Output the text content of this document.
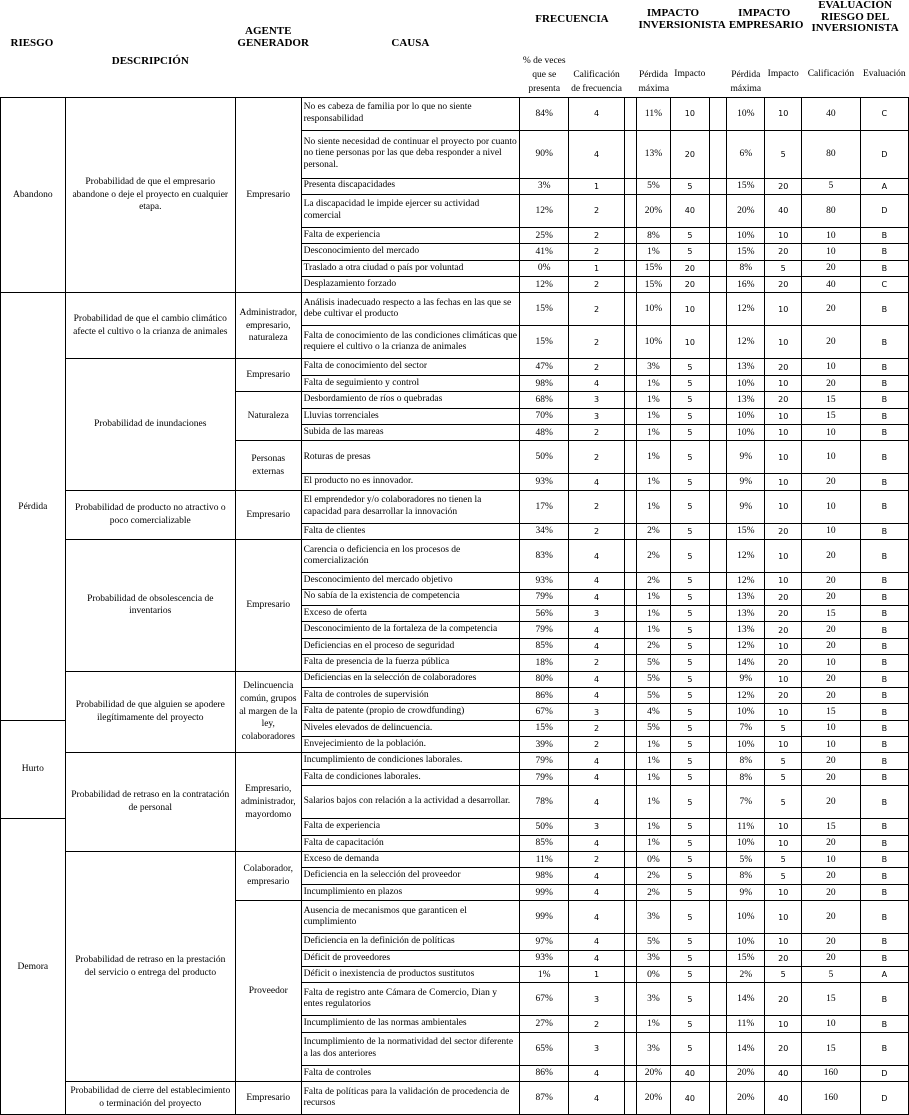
RIESGO	DESCRIPCIÓN	AGENTE GENERADOR	CAUSA	FRECUENCIA			IMPACTO INVERSIONISTA			IMPACTO EMPRESARIO		EVALUACIÓN RIESGO DEL INVERSIONISTA	
				% de veces que se presenta	Calificación de frecuencia		Pérdida máxima	Impacto		Pérdida máxima	Impacto	Calificación	Evaluación
Abandono	Probabilidad de que el empresario abandone o deje el proyecto en cualquier etapa.	Empresario	No es cabeza de familia por lo que no siente responsabilidad	84%	4		11%	10		10%	10	40	C
			No siente necesidad de continuar el proyecto por cuanto no tiene personas por las que deba responder a nivel personal.	90%	4		13%	20		6%	5	80	D
			Presenta discapacidades	3%	1		5%	5		15%	20	5	A
			La discapacidad le impide ejercer su actividad comercial	12%	2		20%	40		20%	40	80	D
			Falta de experiencia	25%	2		8%	5		10%	10	10	B
			Desconocimiento del mercado	41%	2		1%	5		15%	20	10	B
			Traslado a otra ciudad o país por voluntad	0%	1		15%	20		8%	5	20	B
			Desplazamiento forzado	12%	2		15%	20		16%	20	40	C
Pérdida	Probabilidad de que el cambio climático afecte el cultivo o la crianza de animales	Administrador, empresario, naturaleza	Análisis inadecuado respecto a las fechas en las que se debe cultivar el producto	15%	2		10%	10		12%	10	20	B
			Falta de conocimiento de las condiciones climáticas que requiere el cultivo o la crianza de animales	15%	2		10%	10		12%	10	20	B
	Probabilidad de inundaciones	Empresario	Falta de conocimiento del sector	47%	2		3%	5		13%	20	10	B
			Falta de seguimiento y control	98%	4		1%	5		10%	10	20	B
		Naturaleza	Desbordamiento de ríos o quebradas	68%	3		1%	5		13%	20	15	B
			Lluvias torrenciales	70%	3		1%	5		10%	10	15	B
			Subida de las mareas	48%	2		1%	5		10%	10	10	B
		Personas externas	Roturas de presas	50%	2		1%	5		9%	10	10	B
			El producto no es innovador.	93%	4		1%	5		9%	10	20	B
	Probabilidad de producto no atractivo o poco comercializable	Empresario	El emprendedor y/o colaboradores no tienen la capacidad para desarrollar la innovación	17%	2		1%	5		9%	10	10	B
			Falta de clientes	34%	2		2%	5		15%	20	10	B
	Probabilidad de obsolescencia de inventarios	Empresario	Carencia o deficiencia en los procesos de comercialización	83%	4		2%	5		12%	10	20	B
			Desconocimiento del mercado objetivo	93%	4		2%	5		12%	10	20	B
			No sabía de la existencia de competencia	79%	4		1%	5		13%	20	20	B
			Exceso de oferta	56%	3		1%	5		13%	20	15	B
			Desconocimiento de la fortaleza de la competencia	79%	4		1%	5		13%	20	20	B
			Deficiencias en el proceso de seguridad	85%	4		2%	5		12%	10	20	B
			Falta de presencia de la fuerza pública	18%	2		5%	5		14%	20	10	B
	Probabilidad de que alguien se apodere ilegítimamente del proyecto	Delincuencia común, grupos al margen de la ley, colaboradores	Deficiencias en la selección de colaboradores	80%	4		5%	5		9%	10	20	B
			Falta de controles de supervisión	86%	4		5%	5		12%	20	20	B
			Falta de patente (propio de crowdfunding)	67%	3		4%	5		10%	10	15	B
Hurto			Niveles elevados de delincuencia.	15%	2		5%	5		7%	5	10	B
			Envejecimiento de la población.	39%	2		1%	5		10%	10	10	B
	Probabilidad de retraso en la contratación de personal	Empresario, administrador, mayordomo	Incumplimiento de condiciones laborales.	79%	4		1%	5		8%	5	20	B
			Falta de condiciones laborales.	79%	4		1%	5		8%	5	20	B
			Salarios bajos con relación a la actividad a desarrollar.	78%	4		1%	5		7%	5	20	B
Demora			Falta de experiencia	50%	3		1%	5		11%	10	15	B
			Falta de capacitación	85%	4		1%	5		10%	10	20	B
	Probabilidad de retraso en la prestación del servicio o entrega del producto	Colaborador, empresario	Exceso de demanda	11%	2		0%	5		5%	5	10	B
			Deficiencia en la selección del proveedor	98%	4		2%	5		8%	5	20	B
			Incumplimiento en plazos	99%	4		2%	5		9%	10	20	B
		Proveedor	Ausencia de mecanismos que garanticen el cumplimiento	99%	4		3%	5		10%	10	20	B
			Deficiencia en la definición de políticas	97%	4		5%	5		10%	10	20	B
			Déficit de proveedores	93%	4		3%	5		15%	20	20	B
			Déficit o inexistencia de productos sustitutos	1%	1		0%	5		2%	5	5	A
			Falta de registro ante Cámara de Comercio, Dian y entes regulatorios	67%	3		3%	5		14%	20	15	B
			Incumplimiento de las normas ambientales	27%	2		1%	5		11%	10	10	B
			Incumplimiento de la normatividad del sector diferente a las dos anteriores	65%	3		3%	5		14%	20	15	B
			Falta de controles	86%	4		20%	40		20%	40	160	D
	Probabilidad de cierre del establecimiento o terminación del proyecto	Empresario	Falta de políticas para la validación de procedencia de recursos	87%	4		20%	40		20%	40	160	D
